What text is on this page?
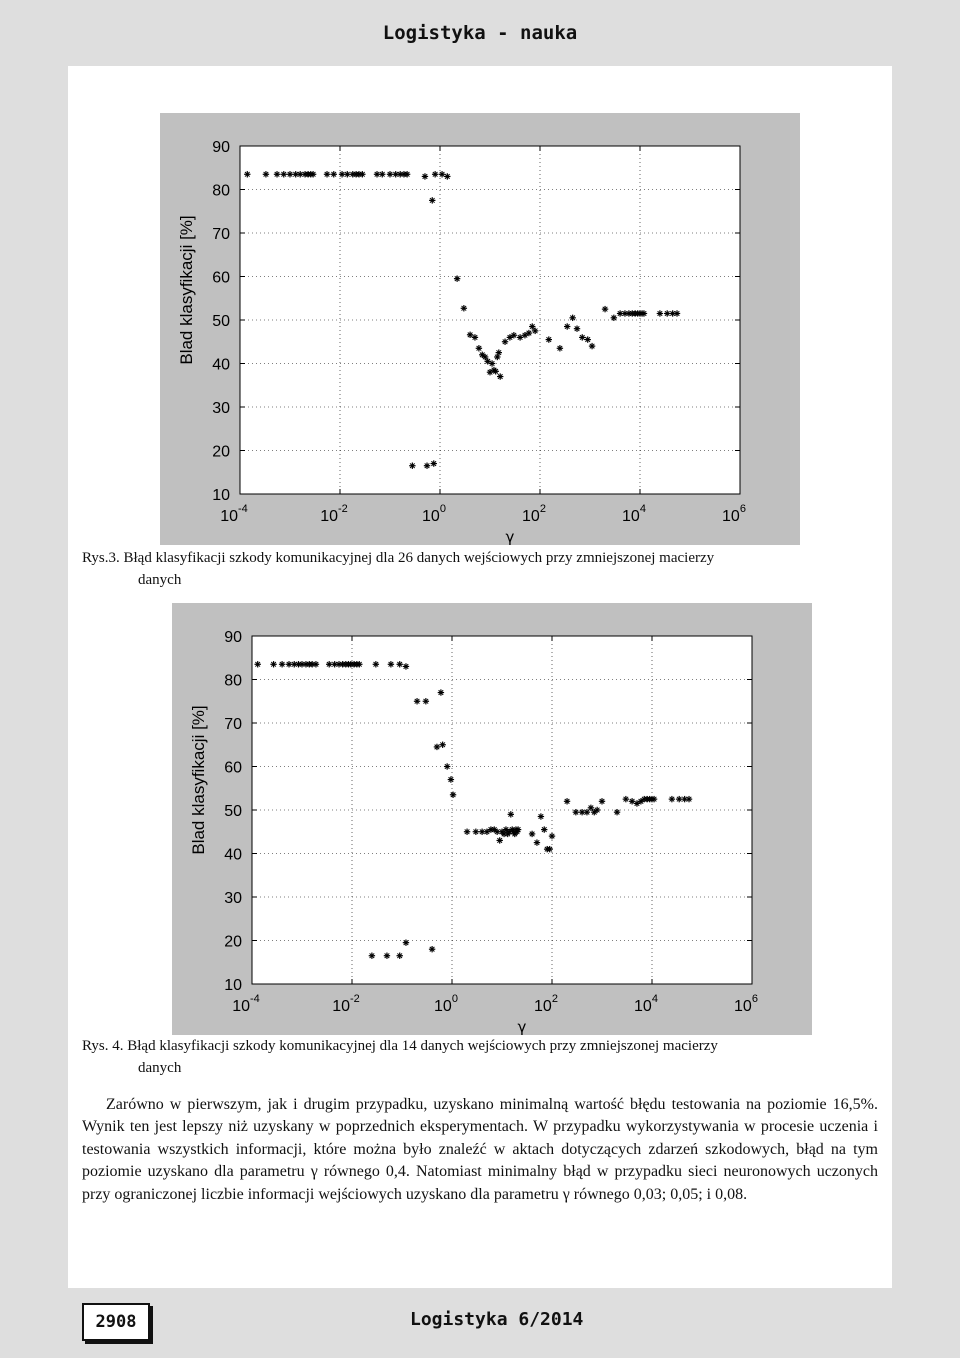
Logistyka - nauka
10
20
30
40
50
60
70
80
90
$10^{-4}$	$10^{-2}$	$10^0$	$10^2$	$10^4$	$10^6$
γ
Blad klasyfikacji [%]
Rys.3. Błąd klasyfikacji szkody komunikacyjnej dla 26 danych wejściowych przy zmniejszonej macierzy
danych
10
20
30
40
50
60
70
80
90
$10^{-4}$	$10^{-2}$	$10^0$	$10^2$	$10^4$	$10^6$
γ
Blad klasyfikacji [%]
Rys. 4. Błąd klasyfikacji szkody komunikacyjnej dla 14 danych wejściowych przy zmniejszonej macierzy
danych

Zarówno w pierwszym, jak i drugim przypadku, uzyskano minimalną wartość błędu testowania na poziomie 16,5%. Wynik ten jest lepszy niż uzyskany w poprzednich eksperymentach. W przypadku wykorzystywania w procesie uczenia i testowania wszystkich informacji, które można było znaleźć w aktach dotyczących zdarzeń szkodowych, błąd na tym poziomie uzyskano dla parametru γ równego 0,4. Natomiast minimalny błąd w przypadku sieci neuronowych uczonych przy ograniczonej liczbie informacji wejściowych uzyskano dla parametru γ równego 0,03; 0,05; i 0,08.

2908	Logistyka 6/2014
